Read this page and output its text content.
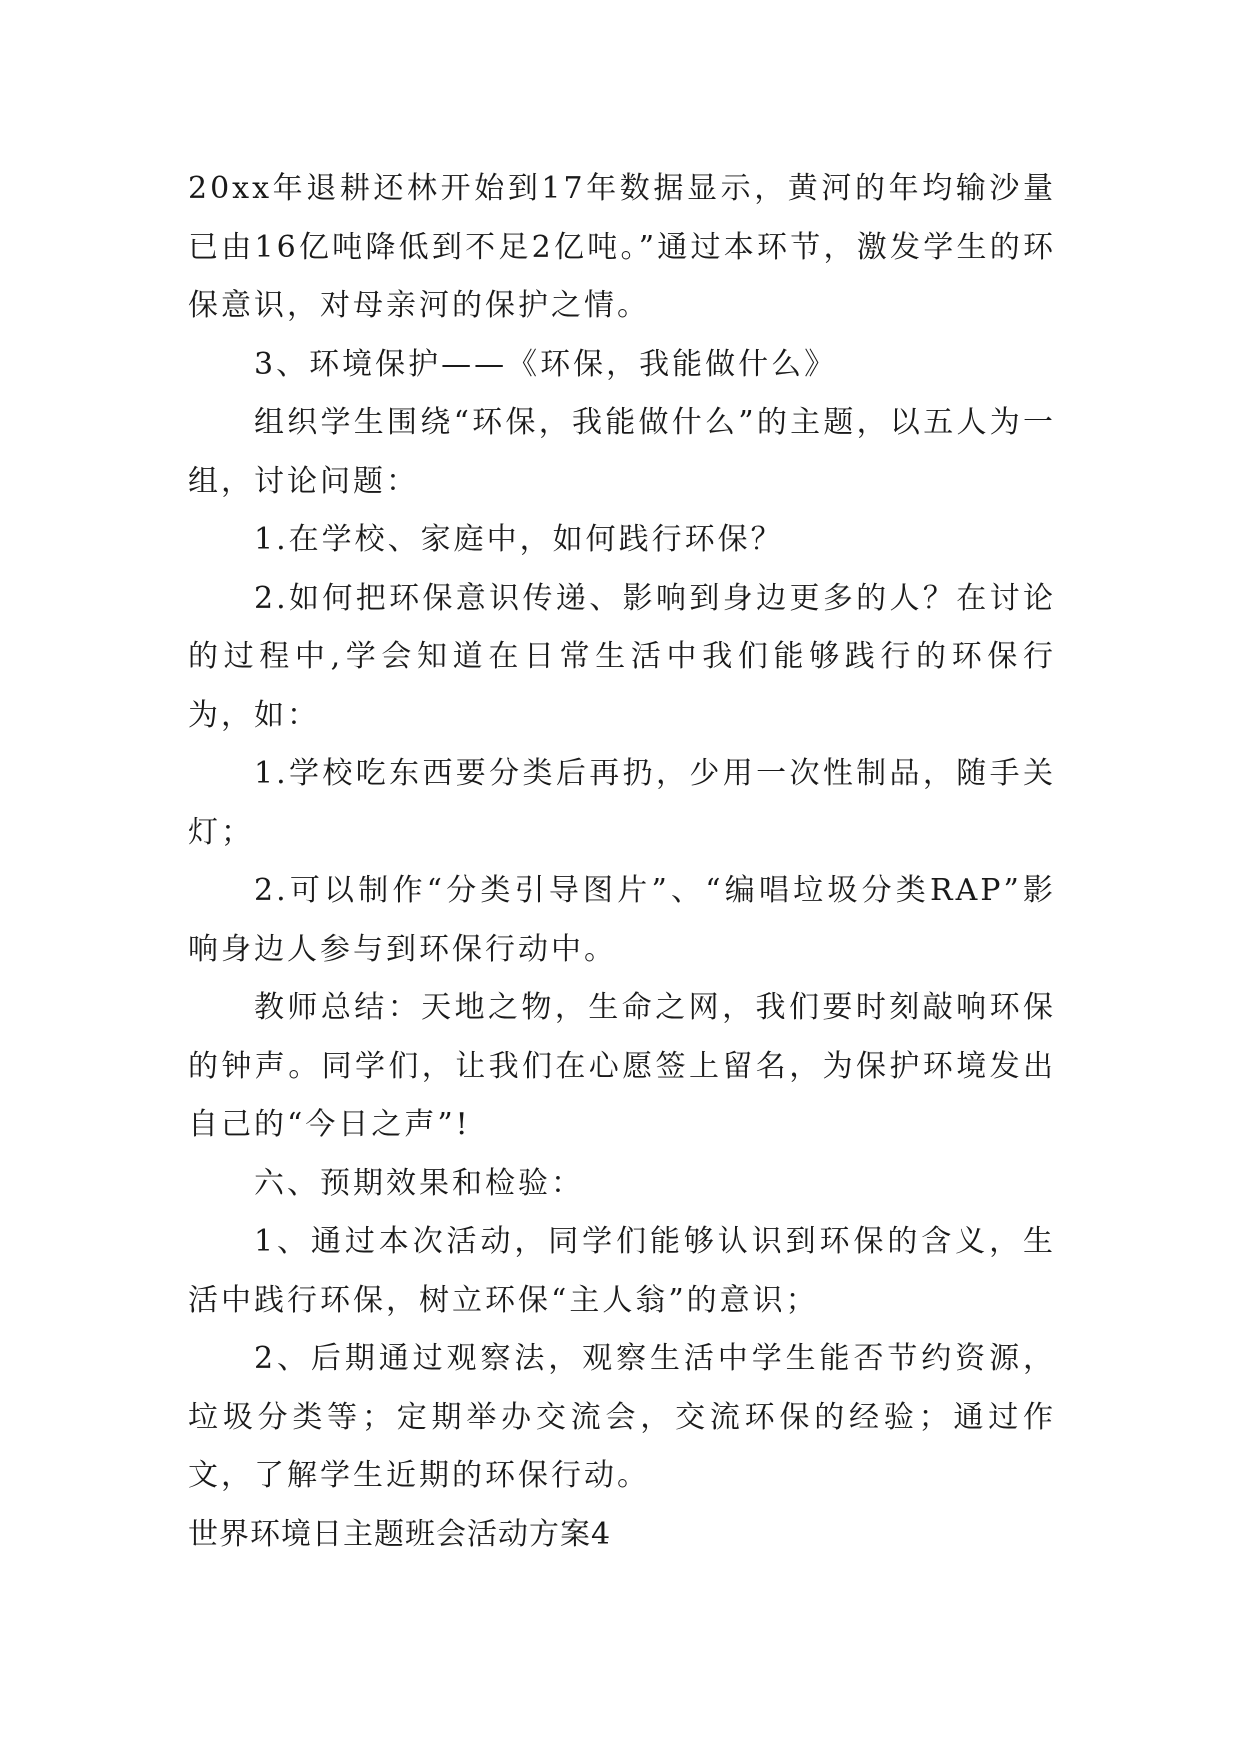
20xx年退耕还林开始到17年数据显示，黄河的年均输沙量已由16亿吨降低到不足2亿吨。”通过本环节，激发学生的环保意识，对母亲河的保护之情。

3、环境保护——《环保，我能做什么》

组织学生围绕“环保，我能做什么”的主题，以五人为一组，讨论问题：

1.在学校、家庭中，如何践行环保？

2.如何把环保意识传递、影响到身边更多的人？在讨论的过程中,学会知道在日常生活中我们能够践行的环保行为，如：

1.学校吃东西要分类后再扔，少用一次性制品，随手关灯；

2.可以制作“分类引导图片”、“编唱垃圾分类RAP”影响身边人参与到环保行动中。

教师总结：天地之物，生命之网，我们要时刻敲响环保的钟声。同学们，让我们在心愿签上留名，为保护环境发出自己的“今日之声”!

六、预期效果和检验：

1、通过本次活动，同学们能够认识到环保的含义，生活中践行环保，树立环保“主人翁”的意识；

2、后期通过观察法，观察生活中学生能否节约资源，垃圾分类等；定期举办交流会，交流环保的经验；通过作文，了解学生近期的环保行动。

世界环境日主题班会活动方案4
